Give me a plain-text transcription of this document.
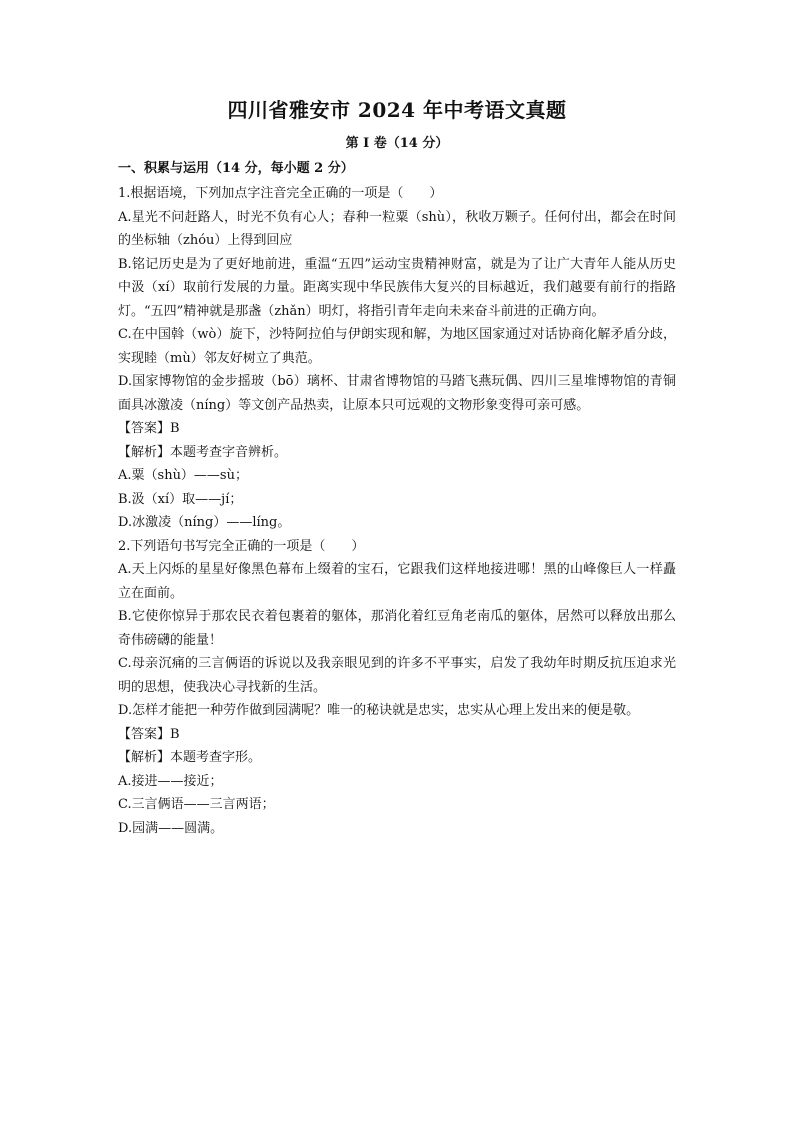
四川省雅安市 2024 年中考语文真题

第 I 卷（14 分）

一、积累与运用（14 分，每小题 2 分）

1.根据语境，下列加点字注音完全正确的一项是（　　）

A.星光不问赶路人，时光不负有心人；春种一粒粟（shù），秋收万颗子。任何付出，都会在时间的坐标轴（zhóu）上得到回应

B.铭记历史是为了更好地前进，重温“五四”运动宝贵精神财富，就是为了让广大青年人能从历史中汲（xí）取前行发展的力量。距离实现中华民族伟大复兴的目标越近，我们越要有前行的指路灯。“五四”精神就是那盏（zhǎn）明灯，将指引青年走向未来奋斗前进的正确方向。

C.在中国斡（wò）旋下，沙特阿拉伯与伊朗实现和解，为地区国家通过对话协商化解矛盾分歧，实现睦（mù）邻友好树立了典范。

D.国家博物馆的金步摇玻（bō）璃杯、甘肃省博物馆的马踏飞燕玩偶、四川三星堆博物馆的青铜面具冰激凌（níng）等文创产品热卖，让原本只可远观的文物形象变得可亲可感。

【答案】B

【解析】本题考查字音辨析。

A.粟（shù）——sù；

B.汲（xí）取——jí；

D.冰激凌（níng）——líng。

2.下列语句书写完全正确的一项是（　　）

A.天上闪烁的星星好像黑色幕布上缀着的宝石，它跟我们这样地接进哪！黑的山峰像巨人一样矗立在面前。

B.它使你惊异于那农民衣着包裹着的躯体，那消化着红豆角老南瓜的躯体，居然可以释放出那么奇伟磅礴的能量！

C.母亲沉痛的三言俩语的诉说以及我亲眼见到的许多不平事实，启发了我幼年时期反抗压迫求光明的思想，使我决心寻找新的生活。

D.怎样才能把一种劳作做到园满呢？唯一的秘诀就是忠实，忠实从心理上发出来的便是敬。

【答案】B

【解析】本题考查字形。

A.接进——接近；

C.三言俩语——三言两语；

D.园满——圆满。
